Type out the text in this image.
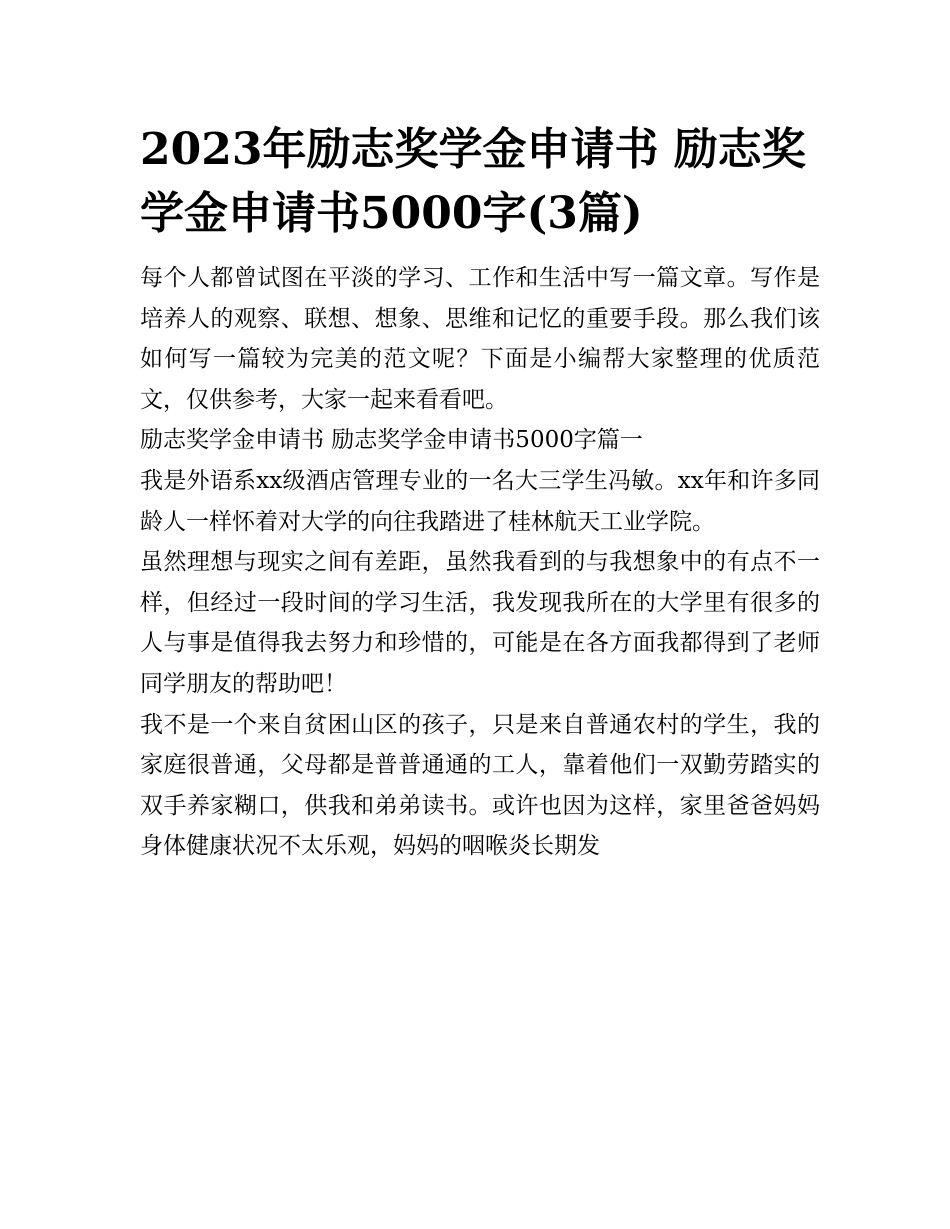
2023年励志奖学金申请书 励志奖学金申请书5000字(3篇)

每个人都曾试图在平淡的学习、工作和生活中写一篇文章。写作是培养人的观察、联想、想象、思维和记忆的重要手段。那么我们该如何写一篇较为完美的范文呢？下面是小编帮大家整理的优质范文，仅供参考，大家一起来看看吧。

励志奖学金申请书 励志奖学金申请书5000字篇一

我是外语系xx级酒店管理专业的一名大三学生冯敏。xx年和许多同龄人一样怀着对大学的向往我踏进了桂林航天工业学院。

虽然理想与现实之间有差距，虽然我看到的与我想象中的有点不一样，但经过一段时间的学习生活，我发现我所在的大学里有很多的人与事是值得我去努力和珍惜的，可能是在各方面我都得到了老师同学朋友的帮助吧！

我不是一个来自贫困山区的孩子，只是来自普通农村的学生，我的家庭很普通，父母都是普普通通的工人，靠着他们一双勤劳踏实的双手养家糊口，供我和弟弟读书。或许也因为这样，家里爸爸妈妈身体健康状况不太乐观，妈妈的咽喉炎长期发
